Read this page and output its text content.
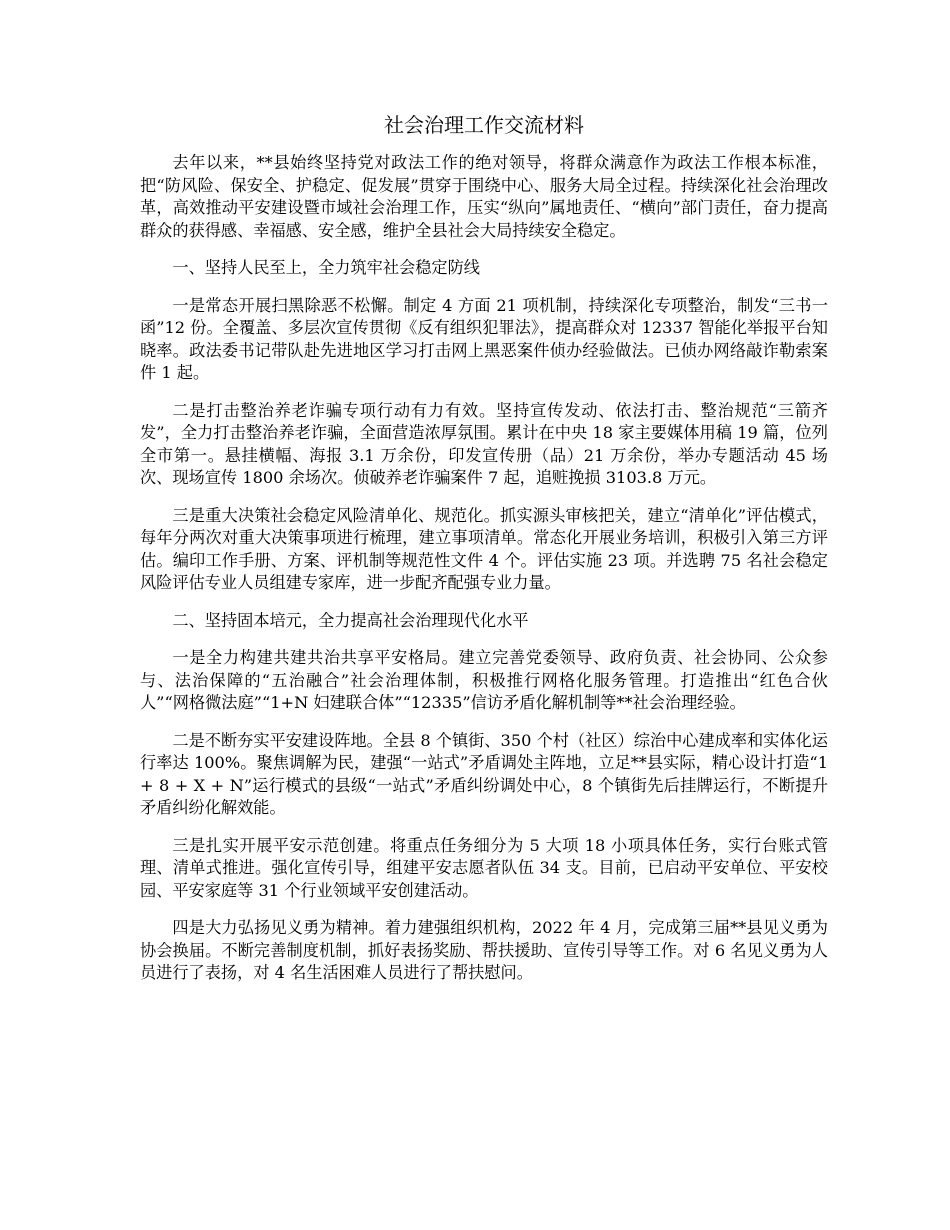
社会治理工作交流材料

去年以来，**县始终坚持党对政法工作的绝对领导，将群众满意作为政法工作根本标准，把“防风险、保安全、护稳定、促发展”贯穿于围绕中心、服务大局全过程。持续深化社会治理改革，高效推动平安建设暨市域社会治理工作，压实“纵向”属地责任、“横向”部门责任，奋力提高群众的获得感、幸福感、安全感，维护全县社会大局持续安全稳定。

一、坚持人民至上，全力筑牢社会稳定防线

一是常态开展扫黑除恶不松懈。制定 4 方面 21 项机制，持续深化专项整治，制发“三书一函”12 份。全覆盖、多层次宣传贯彻《反有组织犯罪法》，提高群众对 12337 智能化举报平台知晓率。政法委书记带队赴先进地区学习打击网上黑恶案件侦办经验做法。已侦办网络敲诈勒索案件 1 起。

二是打击整治养老诈骗专项行动有力有效。坚持宣传发动、依法打击、整治规范“三箭齐发”，全力打击整治养老诈骗，全面营造浓厚氛围。累计在中央 18 家主要媒体用稿 19 篇，位列全市第一。悬挂横幅、海报 3.1 万余份，印发宣传册（品）21 万余份，举办专题活动 45 场次、现场宣传 1800 余场次。侦破养老诈骗案件 7 起，追赃挽损 3103.8 万元。

三是重大决策社会稳定风险清单化、规范化。抓实源头审核把关，建立“清单化”评估模式，每年分两次对重大决策事项进行梳理，建立事项清单。常态化开展业务培训，积极引入第三方评估。编印工作手册、方案、评机制等规范性文件 4 个。评估实施 23 项。并选聘 75 名社会稳定风险评估专业人员组建专家库，进一步配齐配强专业力量。

二、坚持固本培元，全力提高社会治理现代化水平

一是全力构建共建共治共享平安格局。建立完善党委领导、政府负责、社会协同、公众参与、法治保障的“五治融合”社会治理体制，积极推行网格化服务管理。打造推出“红色合伙人”“网格微法庭”“1+N 妇建联合体”“12335”信访矛盾化解机制等**社会治理经验。

二是不断夯实平安建设阵地。全县 8 个镇街、350 个村（社区）综治中心建成率和实体化运行率达 100%。聚焦调解为民，建强“一站式”矛盾调处主阵地，立足**县实际，精心设计打造“1 + 8 + X + N”运行模式的县级“一站式”矛盾纠纷调处中心，8 个镇街先后挂牌运行，不断提升矛盾纠纷化解效能。

三是扎实开展平安示范创建。将重点任务细分为 5 大项 18 小项具体任务，实行台账式管理、清单式推进。强化宣传引导，组建平安志愿者队伍 34 支。目前，已启动平安单位、平安校园、平安家庭等 31 个行业领域平安创建活动。

四是大力弘扬见义勇为精神。着力建强组织机构，2022 年 4 月，完成第三届**县见义勇为协会换届。不断完善制度机制，抓好表扬奖励、帮扶援助、宣传引导等工作。对 6 名见义勇为人员进行了表扬，对 4 名生活困难人员进行了帮扶慰问。
